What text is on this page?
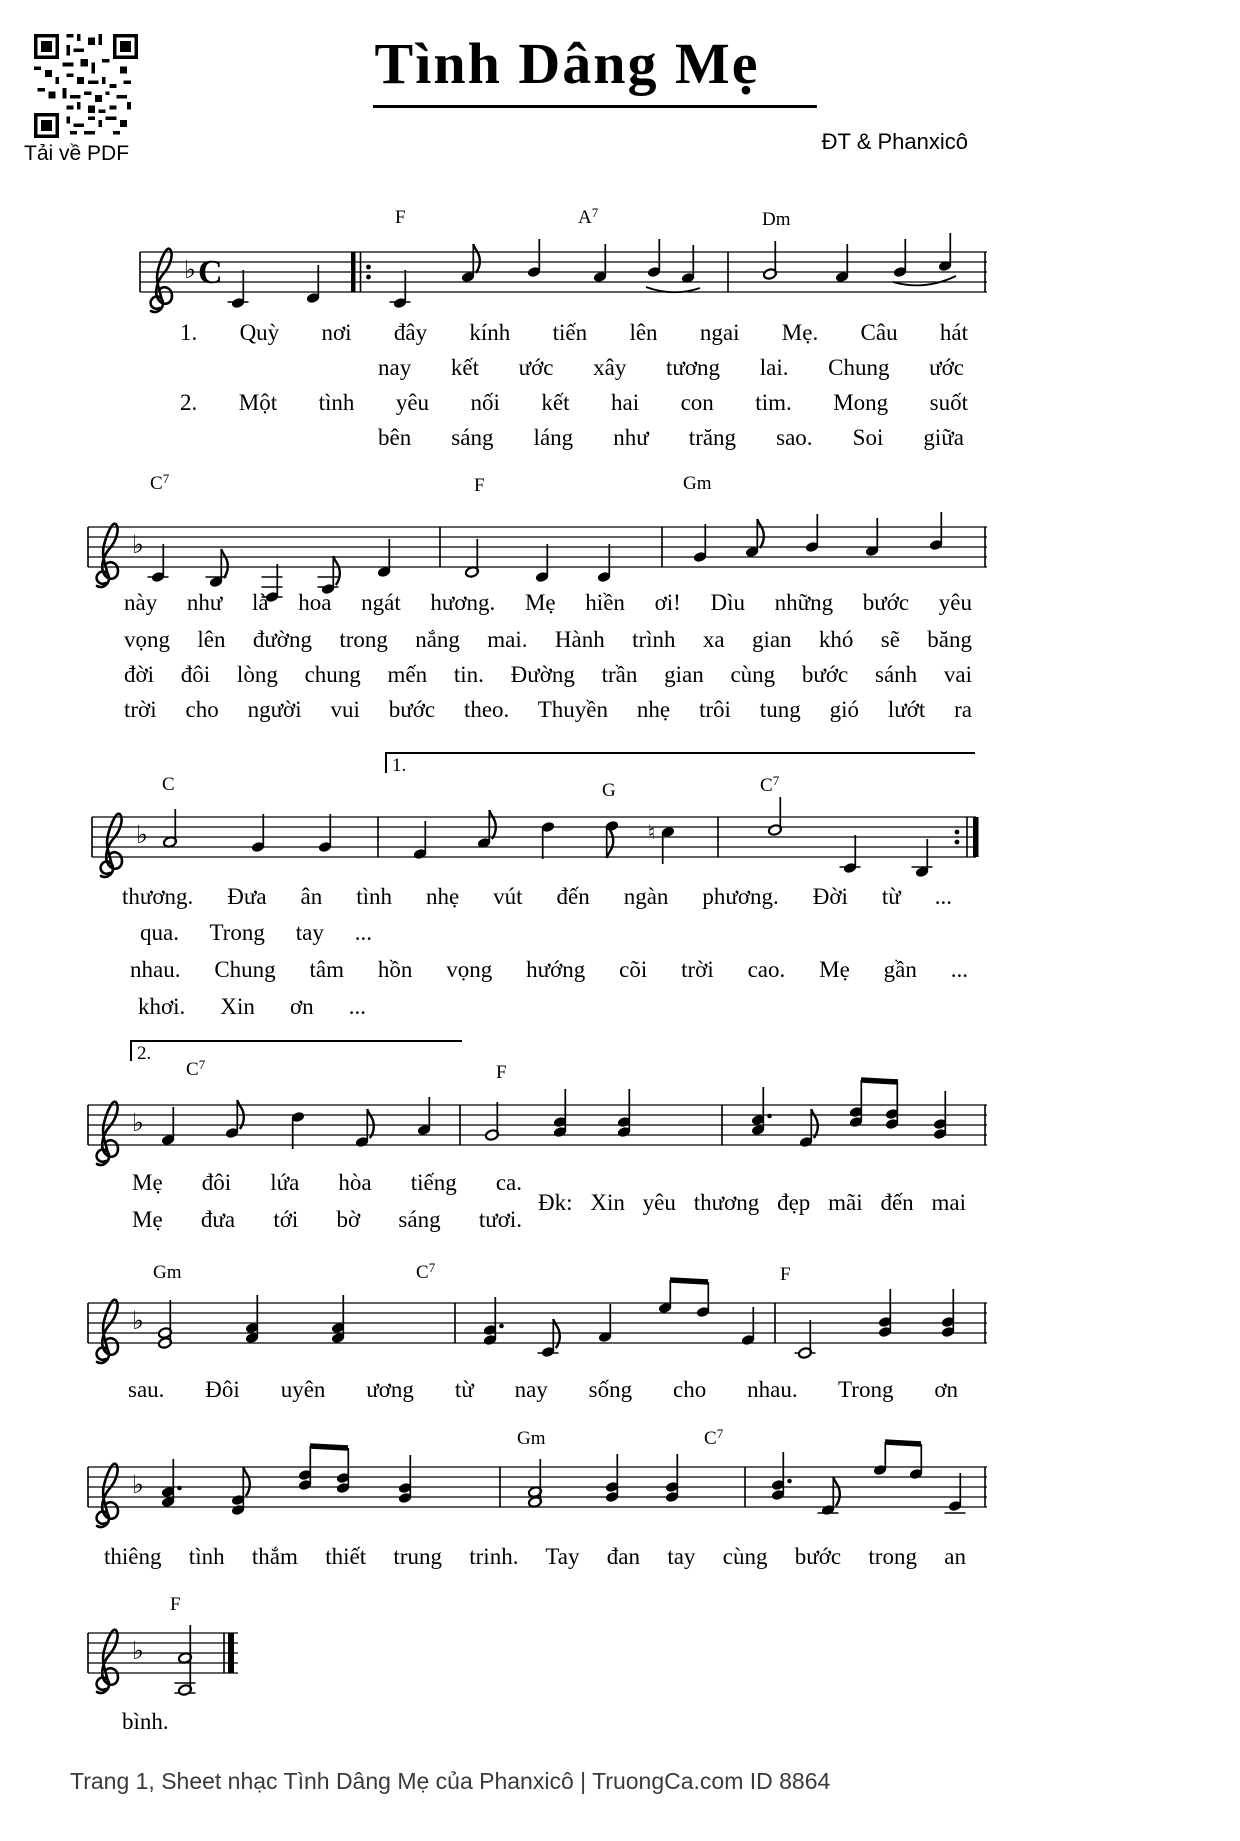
Tải về PDF
Tình Dâng Mẹ
ĐT & Phanxicô
♭ C
♭
♭	♮
♭
♭
♭
♭
1.
2.
F	$A^7$	Dm
$C^7$	F	Gm
C	G	$C^7$
$C^7$	F
Gm	$C^7$	F
Gm	$C^7$
F
1. Quỳ nơi đây kính tiến lên ngai Mẹ. Câu hát
nay kết ước xây tương lai. Chung ước
2. Một tình yêu nối kết hai con tim. Mong suốt
bên sáng láng như trăng sao. Soi giữa
này như là hoa ngát hương. Mẹ hiền ơi! Dìu những bước yêu
vọng lên đường trong nắng mai. Hành trình xa gian khó sẽ băng
đời đôi lòng chung mến tin. Đường trần gian cùng bước sánh vai
trời cho người vui bước theo. Thuyền nhẹ trôi tung gió lướt ra
thương. Đưa ân tình nhẹ vút đến ngàn phương. Đời từ ...
qua. Trong tay ...
nhau. Chung tâm hồn vọng hướng cõi trời cao. Mẹ gần ...
khơi. Xin ơn ...
Mẹ đôi lứa hòa tiếng ca.
Đk: Xin yêu thương đẹp mãi đến mai
Mẹ đưa tới bờ sáng tươi.
sau. Đôi uyên ương từ nay sống cho nhau. Trong ơn
thiêng tình thắm thiết trung trinh. Tay đan tay cùng bước trong an
bình.
Trang 1, Sheet nhạc Tình Dâng Mẹ của Phanxicô | TruongCa.com ID 8864
